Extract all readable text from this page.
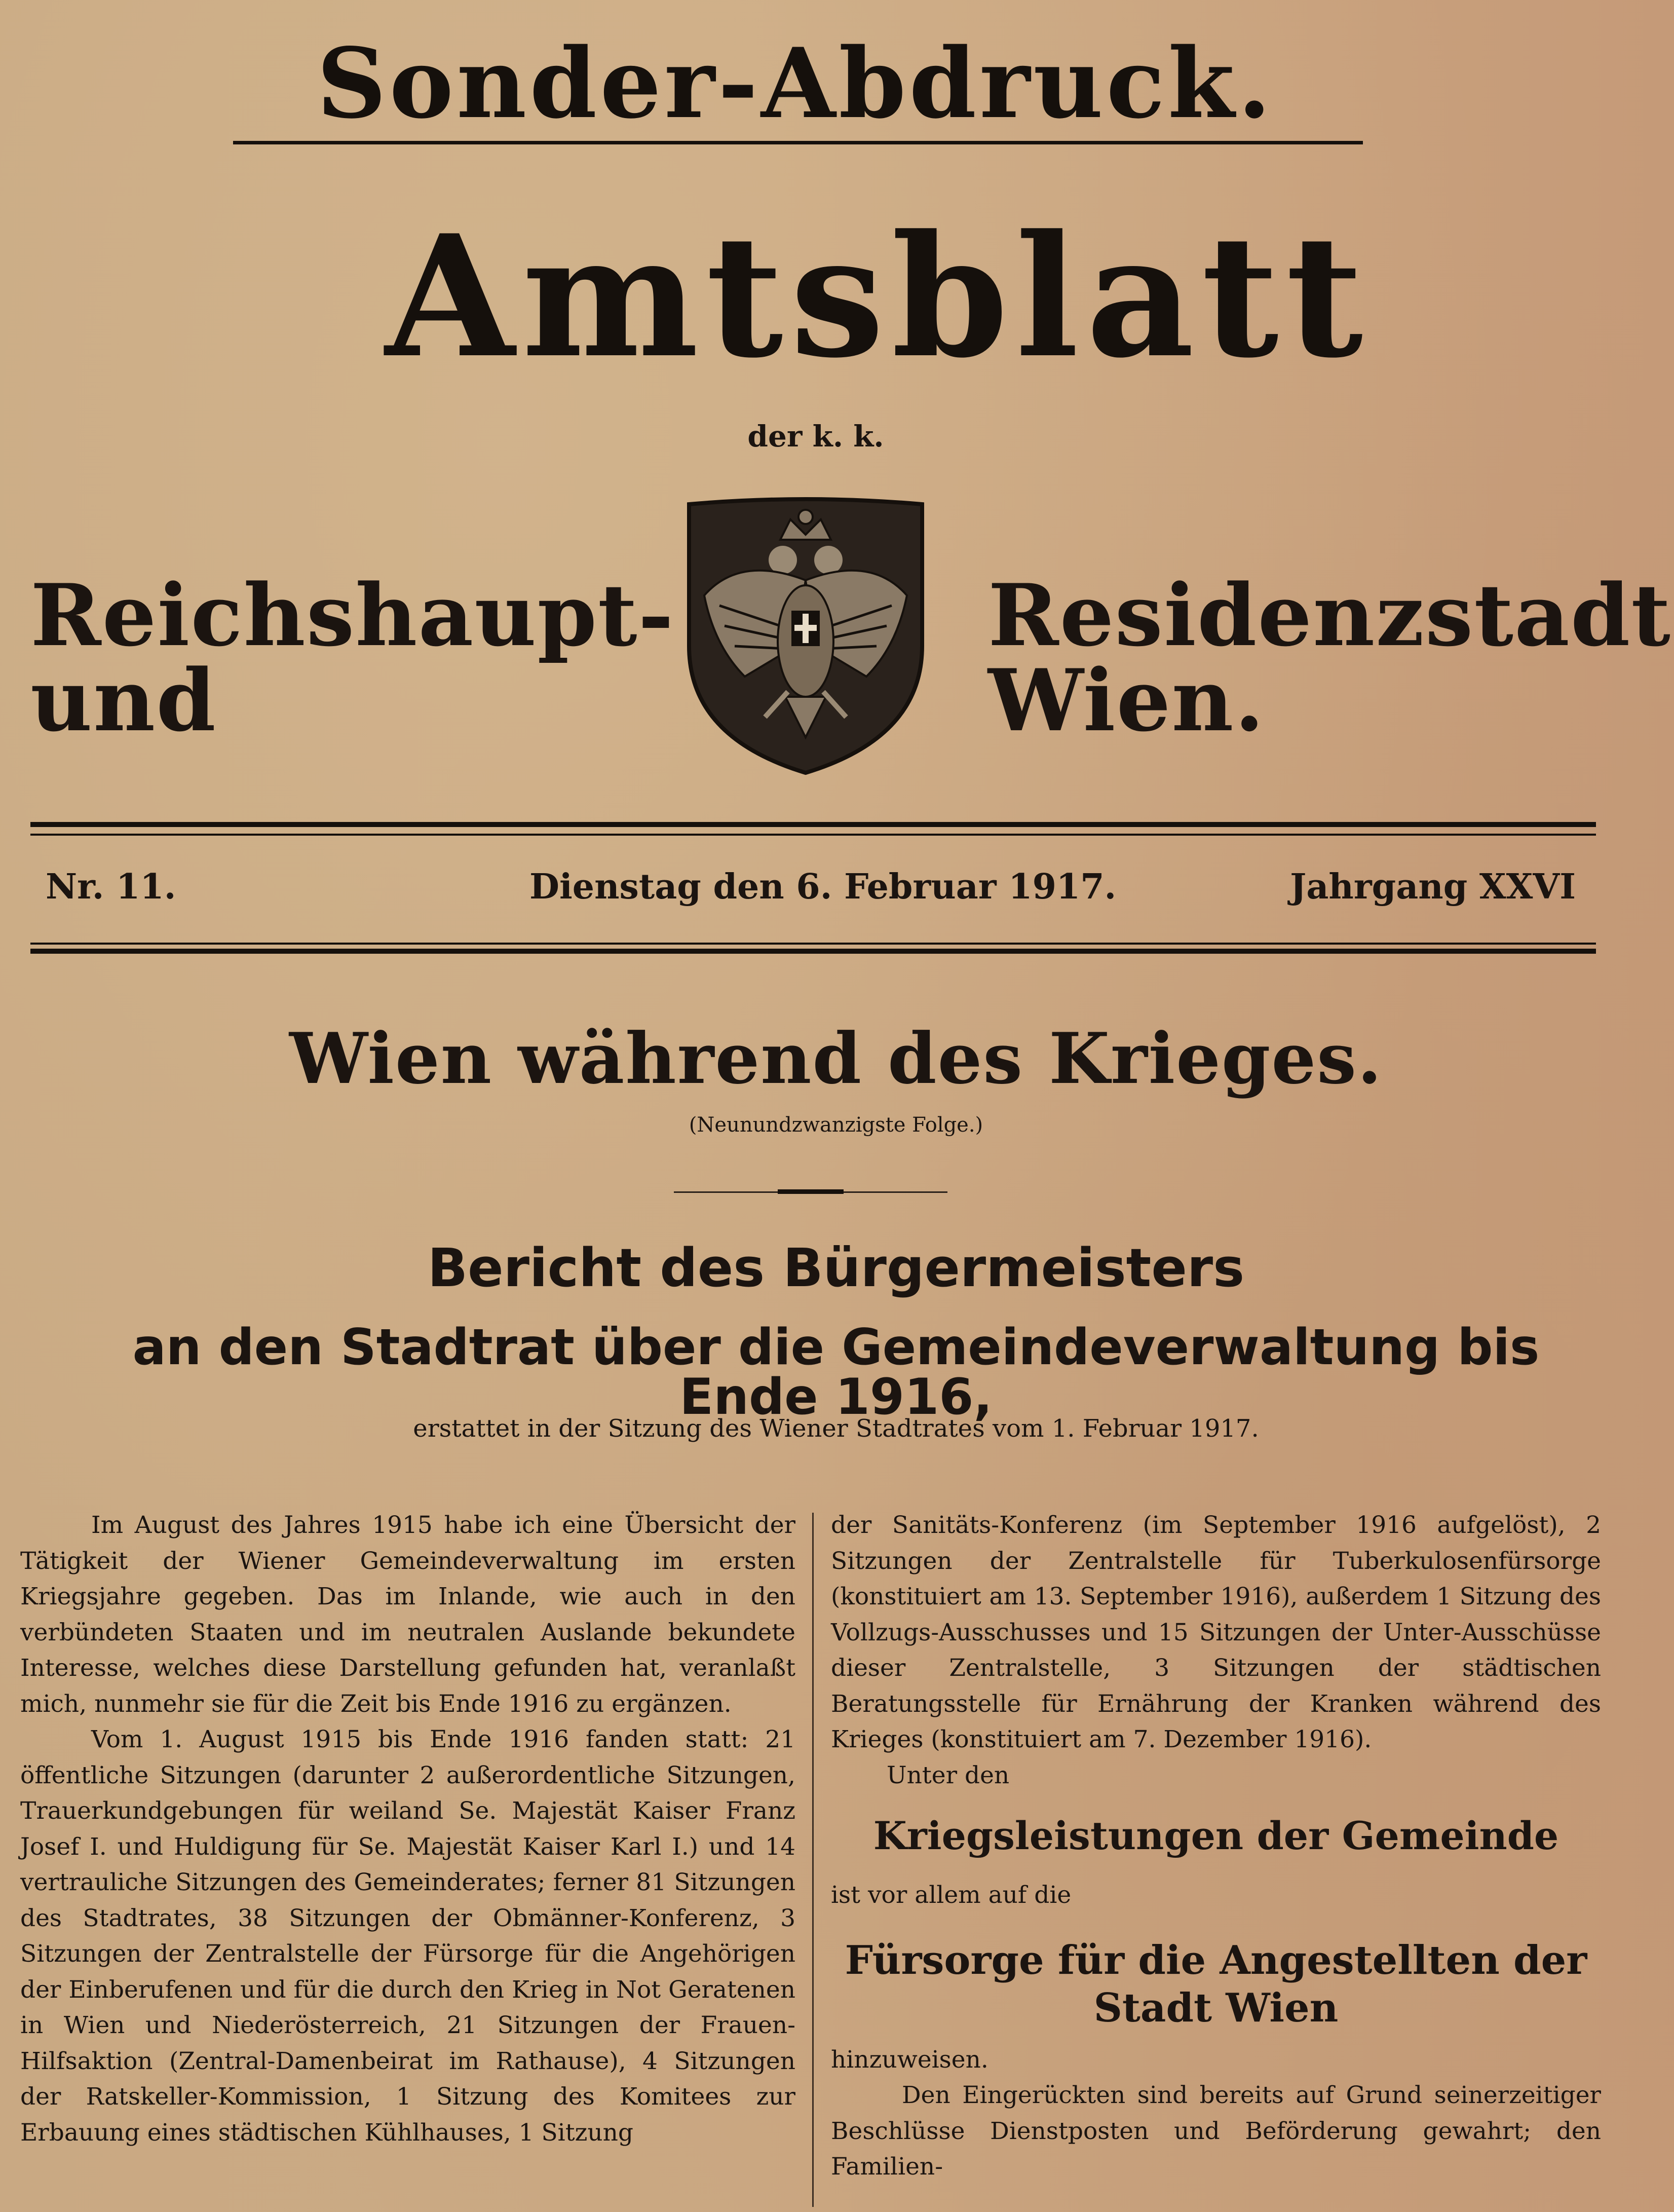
Sonder-Abdruck.
Amtsblatt
der k. k.
Reichshaupt- und
Residenzstadt Wien.
Nr. 11.	Dienstag den 6. Februar 1917.	Jahrgang XXVI
Wien während des Krieges.
(Neunundzwanzigste Folge.)
Bericht des Bürgermeisters
an den Stadtrat über die Gemeindeverwaltung bis Ende 1916,
erstattet in der Sitzung des Wiener Stadtrates vom 1. Februar 1917.

Im August des Jahres 1915 habe ich eine Übersicht der Tätigkeit der Wiener Gemeindeverwaltung im ersten Kriegsjahre gegeben. Das im Inlande, wie auch in den verbündeten Staaten und im neutralen Auslande bekundete Interesse, welches diese Darstellung gefunden hat, veranlaßt mich, nunmehr sie für die Zeit bis Ende 1916 zu ergänzen.

Vom 1. August 1915 bis Ende 1916 fanden statt: 21 öffentliche Sitzungen (darunter 2 außerordentliche Sitzungen, Trauerkundgebungen für weiland Se. Majestät Kaiser Franz Josef I. und Huldigung für Se. Majestät Kaiser Karl I.) und 14 vertrauliche Sitzungen des Gemeinderates; ferner 81 Sitzungen des Stadtrates, 38 Sitzungen der Obmänner-Konferenz, 3 Sitzungen der Zentralstelle der Fürsorge für die Angehörigen der Einberufenen und für die durch den Krieg in Not Geratenen in Wien und Niederösterreich, 21 Sitzungen der Frauen-Hilfsaktion (Zentral-Damenbeirat im Rathause), 4 Sitzungen der Ratskeller-Kommission, 1 Sitzung des Komitees zur Erbauung eines städtischen Kühlhauses, 1 Sitzung

der Sanitäts-Konferenz (im September 1916 aufgelöst), 2 Sitzungen der Zentralstelle für Tuberkulosenfürsorge (konstituiert am 13. September 1916), außerdem 1 Sitzung des Vollzugs-Ausschusses und 15 Sitzungen der Unter-Ausschüsse dieser Zentralstelle, 3 Sitzungen der städtischen Beratungsstelle für Ernährung der Kranken während des Krieges (konstituiert am 7. Dezember 1916).

Unter den

Kriegsleistungen der Gemeinde

ist vor allem auf die

Fürsorge für die Angestellten der Stadt Wien

hinzuweisen.

Den Eingerückten sind bereits auf Grund seinerzeitiger Beschlüsse Dienstposten und Beförderung gewahrt; den Familien-
